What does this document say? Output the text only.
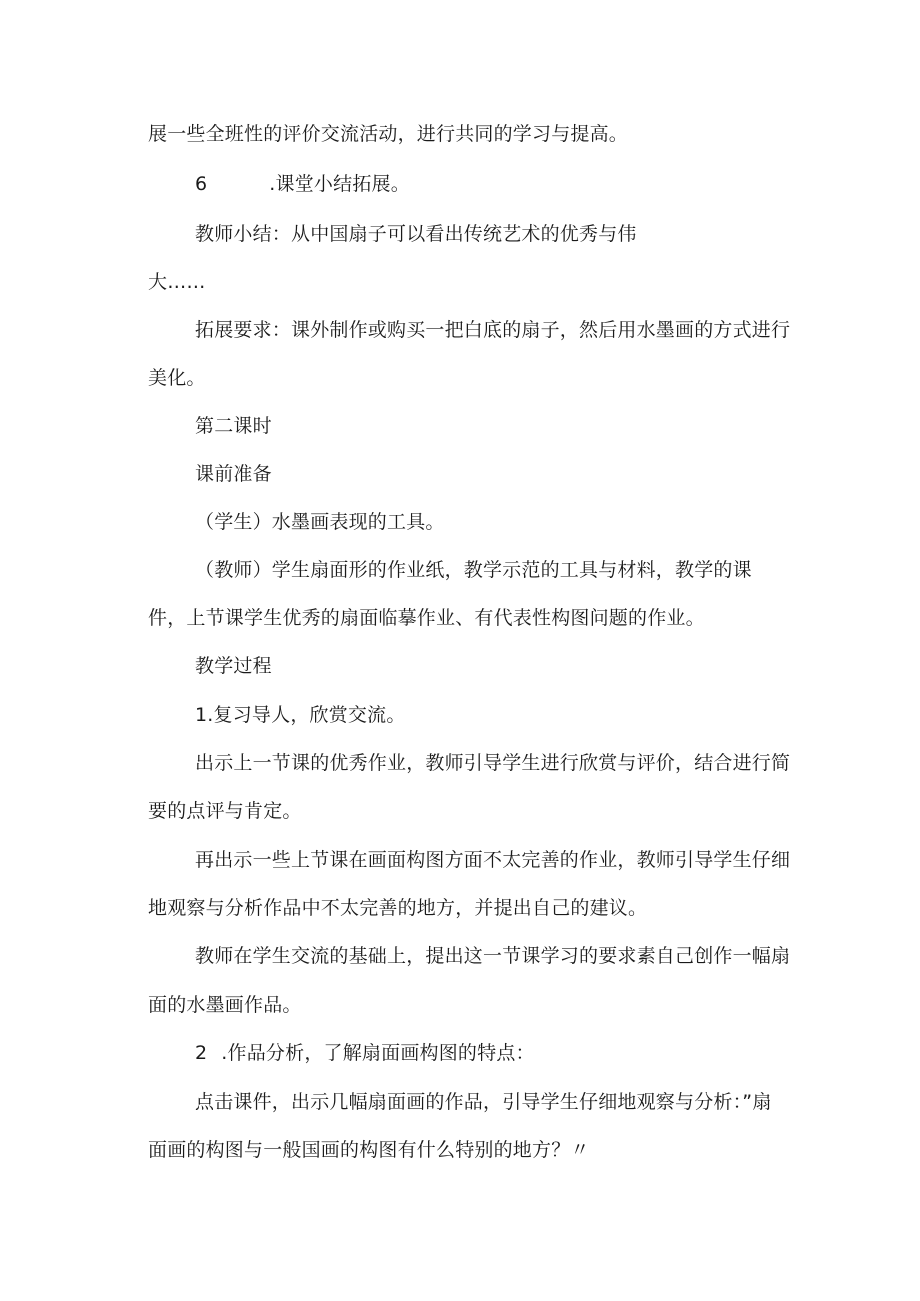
展一些全班性的评价交流活动，进行共同的学习与提高。
6	.课堂小结拓展。
教师小结：从中国扇子可以看出传统艺术的优秀与伟
大……
拓展要求：课外制作或购买一把白底的扇子，然后用水墨画的方式进行
美化。
第二课时
课前准备
（学生）水墨画表现的工具。
（教师）学生扇面形的作业纸，教学示范的工具与材料，教学的课
件，上节课学生优秀的扇面临摹作业、有代表性构图问题的作业。
教学过程
1.复习导人，欣赏交流。
出示上一节课的优秀作业，教师引导学生进行欣赏与评价，结合进行简
要的点评与肯定。
再出示一些上节课在画面构图方面不太完善的作业，教师引导学生仔细
地观察与分析作品中不太完善的地方，并提出自己的建议。
教师在学生交流的基础上，提出这一节课学习的要求素自己创作一幅扇
面的水墨画作品。
2 .作品分析，了解扇面画构图的特点：
点击课件，出示几幅扇面画的作品，引导学生仔细地观察与分析：”扇
面画的构图与一般国画的构图有什么特别的地方？〃
